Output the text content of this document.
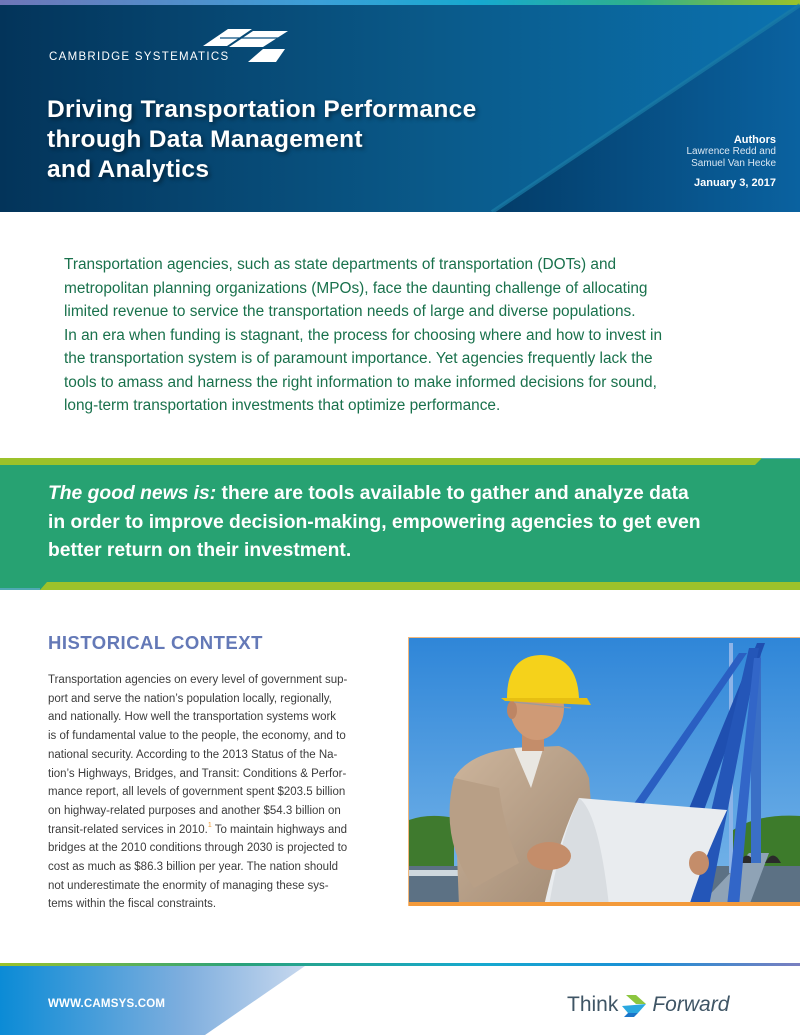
CAMBRIDGE SYSTEMATICS
Driving Transportation Performance
through Data Management
and Analytics
Authors
Lawrence Redd and
Samuel Van Hecke
January 3, 2017
Transportation agencies, such as state departments of transportation (DOTs) and
metropolitan planning organizations (MPOs), face the daunting challenge of allocating
limited revenue to service the transportation needs of large and diverse populations.
In an era when funding is stagnant, the process for choosing where and how to invest in
the transportation system is of paramount importance. Yet agencies frequently lack the
tools to amass and harness the right information to make informed decisions for sound,
long-term transportation investments that optimize performance.
The good news is: there are tools available to gather and analyze data
in order to improve decision-making, empowering agencies to get even
better return on their investment.
HISTORICAL CONTEXT
Transportation agencies on every level of government sup-
port and serve the nation’s population locally, regionally,
and nationally. How well the transportation systems work
is of fundamental value to the people, the economy, and to
national security. According to the 2013 Status of the Na-
tion’s Highways, Bridges, and Transit: Conditions & Perfor-
mance report, all levels of government spent $203.5 billion
on highway-related purposes and another $54.3 billion on
transit-related services in 2010.$^1$ To maintain highways and
bridges at the 2010 conditions through 2030 is projected to
cost as much as $86.3 billion per year. The nation should
not underestimate the enormity of managing these sys-
tems within the fiscal constraints.
WWW.CAMSYS.COM	Think Forward
